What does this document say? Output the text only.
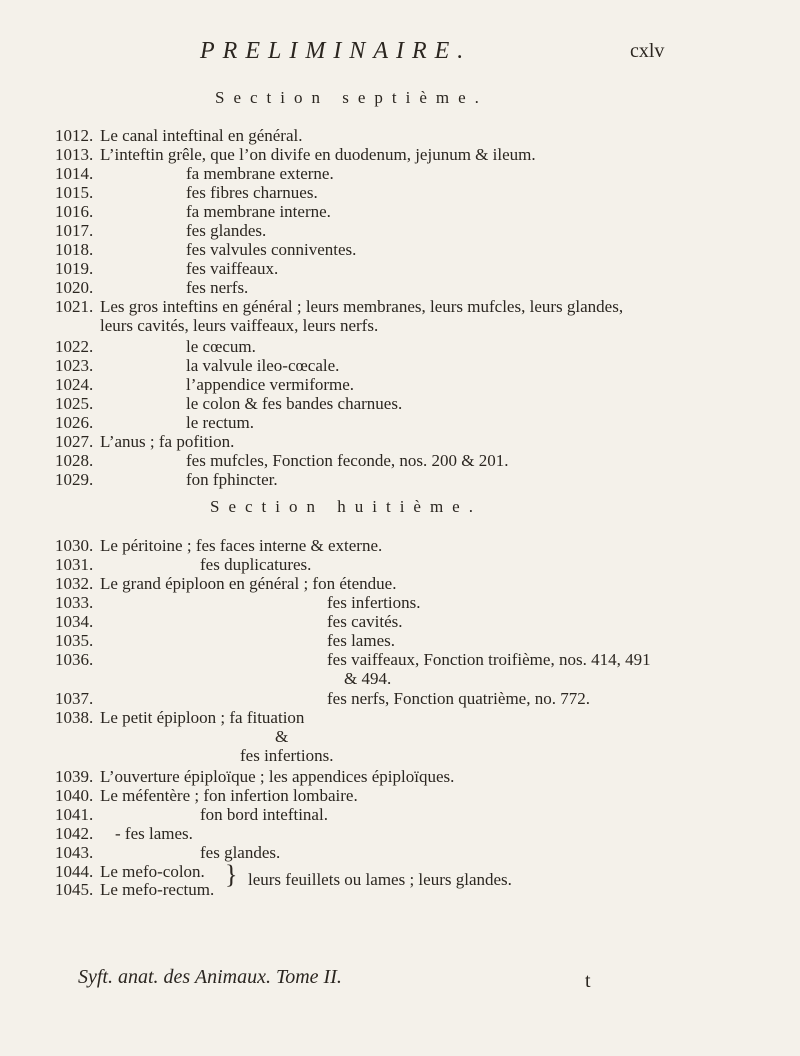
PRELIMINAIRE.	cxlv
Section septième.
1012. Le canal inteftinal en général.
1013. L’inteftin grêle, que l’on divife en duodenum, jejunum & ileum.
1014.	fa membrane externe.
1015.	fes fibres charnues.
1016.	fa membrane interne.
1017.	fes glandes.
1018.	fes valvules conniventes.
1019.	fes vaiffeaux.
1020.	fes nerfs.
1021. Les gros inteftins en général ; leurs membranes, leurs mufcles, leurs glandes,
leurs cavités, leurs vaiffeaux, leurs nerfs.
1022.	le cœcum.
1023.	la valvule ileo-cœcale.
1024.	l’appendice vermiforme.
1025.	le colon & fes bandes charnues.
1026.	le rectum.
1027. L’anus ; fa pofition.
1028.	fes mufcles, Fonction feconde, nos. 200 & 201.
1029.	fon fphincter.
Section huitième.
1030. Le péritoine ; fes faces interne & externe.
1031.	fes duplicatures.
1032. Le grand épiploon en général ; fon étendue.
1033.	fes infertions.
1034.	fes cavités.
1035.	fes lames.
1036.	fes vaiffeaux, Fonction troifième, nos. 414, 491
& 494.
1037.	fes nerfs, Fonction quatrième, no. 772.
1038. Le petit épiploon ; fa fituation
&
fes infertions.
1039. L’ouverture épiploïque ; les appendices épiploïques.
1040. Le méfentère ; fon infertion lombaire.
1041.	fon bord inteftinal.
1042. - fes lames.
1043.	fes glandes.
1044. Le mefo-colon.
1045. Le mefo-rectum.
} leurs feuillets ou lames ; leurs glandes.
Syft. anat. des Animaux. Tome II.	t
